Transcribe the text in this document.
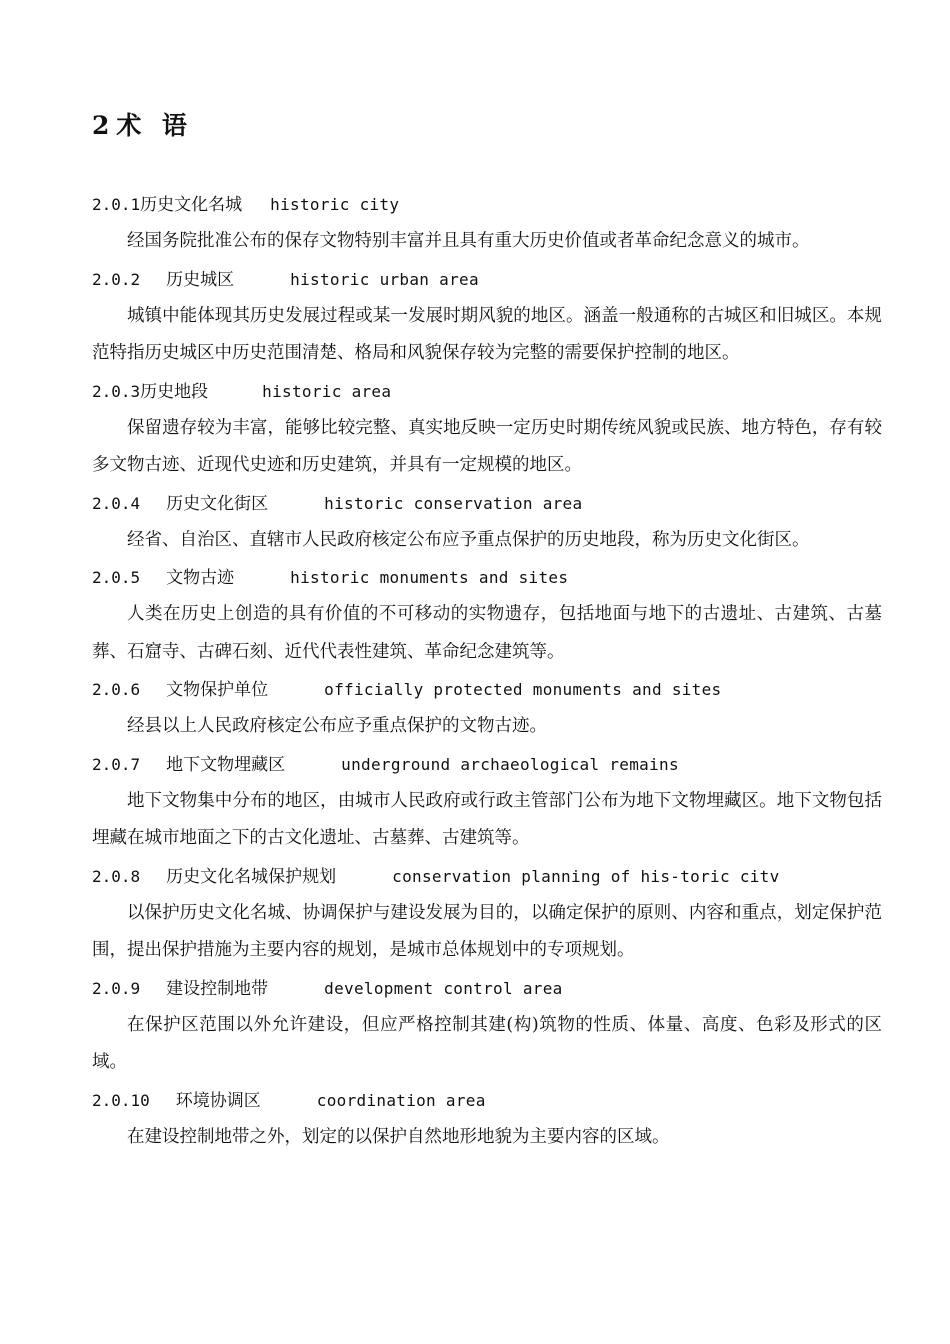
2 术  语
2.0.1历史文化名城 historic city

经国务院批准公布的保存文物特别丰富并且具有重大历史价值或者革命纪念意义的城市。

2.0.2 历史城区	historic urban area

城镇中能体现其历史发展过程或某一发展时期风貌的地区。涵盖一般通称的古城区和旧城区。本规范特指历史城区中历史范围清楚、格局和风貌保存较为完整的需要保护控制的地区。

2.0.3历史地段	historic area

保留遗存较为丰富，能够比较完整、真实地反映一定历史时期传统风貌或民族、地方特色，存有较多文物古迹、近现代史迹和历史建筑，并具有一定规模的地区。

2.0.4 历史文化街区	historic conservation area

经省、自治区、直辖市人民政府核定公布应予重点保护的历史地段，称为历史文化街区。

2.0.5 文物古迹	historic monuments and sites

人类在历史上创造的具有价值的不可移动的实物遗存，包括地面与地下的古遗址、古建筑、古墓葬、石窟寺、古碑石刻、近代代表性建筑、革命纪念建筑等。

2.0.6 文物保护单位	officially protected monuments and sites

经县以上人民政府核定公布应予重点保护的文物古迹。

2.0.7 地下文物埋藏区	underground archaeological remains

地下文物集中分布的地区，由城市人民政府或行政主管部门公布为地下文物埋藏区。地下文物包括埋藏在城市地面之下的古文化遗址、古墓葬、古建筑等。

2.0.8 历史文化名城保护规划	conservation planning of his-toric citv

以保护历史文化名城、协调保护与建设发展为目的，以确定保护的原则、内容和重点，划定保护范围，提出保护措施为主要内容的规划，是城市总体规划中的专项规划。

2.0.9 建设控制地带	development control area

在保护区范围以外允许建设，但应严格控制其建(构)筑物的性质、体量、高度、色彩及形式的区域。

2.0.10 环境协调区	coordination area

在建设控制地带之外，划定的以保护自然地形地貌为主要内容的区域。
